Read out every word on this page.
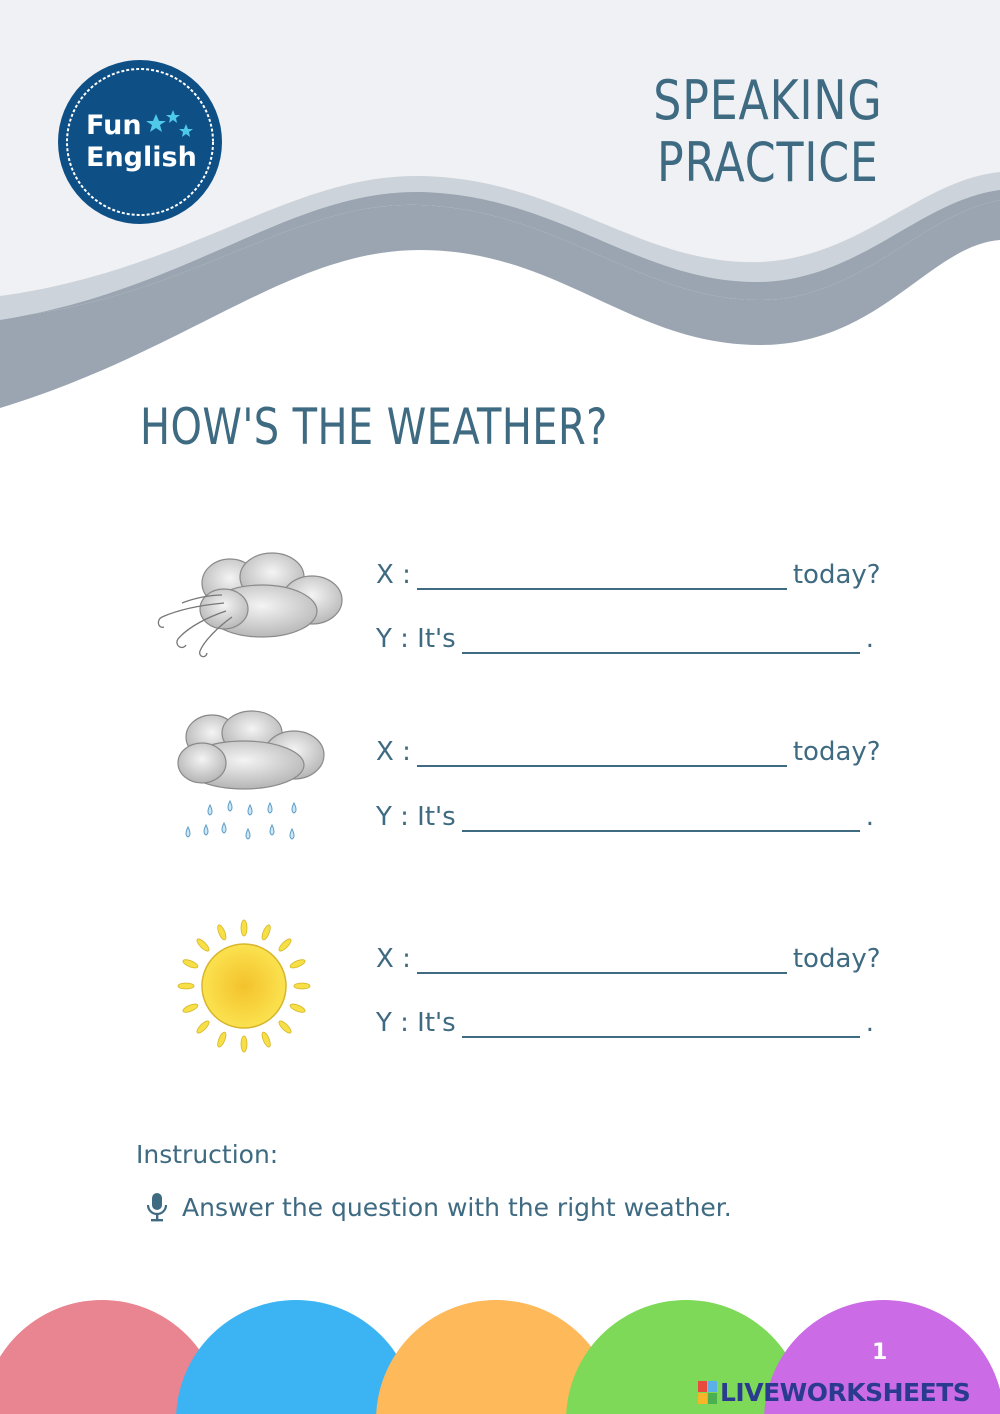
Fun
English
SPEAKING
PRACTICE
HOW'S THE WEATHER?
X :	today?
Y : It's	.
X :	today?
Y : It's	.
X :	today?
Y : It's	.
Instruction:
Answer the question with the right weather.
1
LIVEWORKSHEETS
